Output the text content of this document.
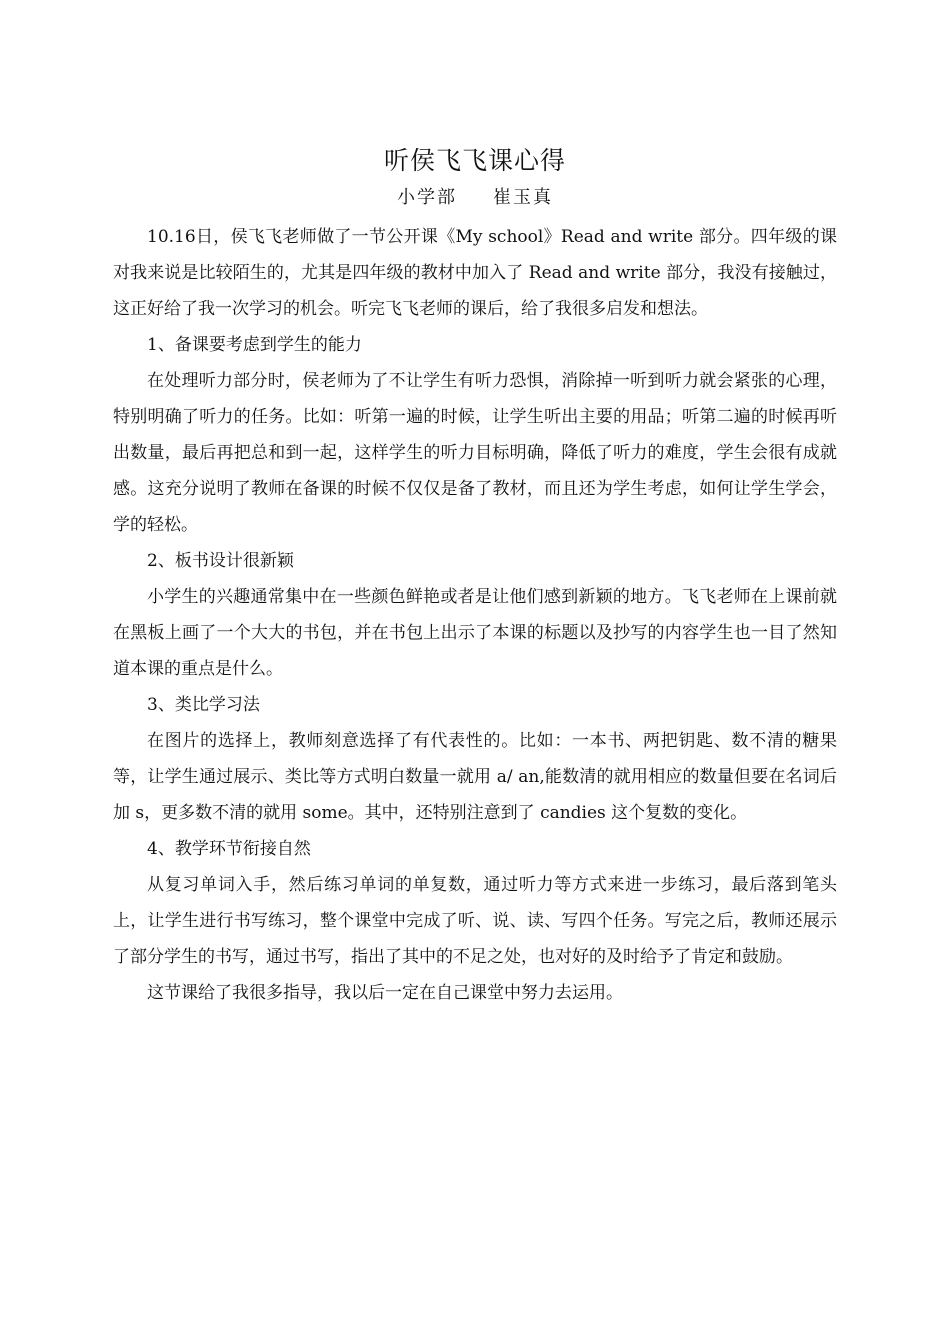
听侯飞飞课心得
小学部 崔玉真

10.16日，侯飞飞老师做了一节公开课《My school》Read and write 部分。四年级的课对我来说是比较陌生的，尤其是四年级的教材中加入了 Read and write 部分，我没有接触过，这正好给了我一次学习的机会。听完飞飞老师的课后，给了我很多启发和想法。

1、备课要考虑到学生的能力

在处理听力部分时，侯老师为了不让学生有听力恐惧，消除掉一听到听力就会紧张的心理，特别明确了听力的任务。比如：听第一遍的时候，让学生听出主要的用品；听第二遍的时候再听出数量，最后再把总和到一起，这样学生的听力目标明确，降低了听力的难度，学生会很有成就感。这充分说明了教师在备课的时候不仅仅是备了教材，而且还为学生考虑，如何让学生学会，学的轻松。

2、板书设计很新颖

小学生的兴趣通常集中在一些颜色鲜艳或者是让他们感到新颖的地方。飞飞老师在上课前就在黑板上画了一个大大的书包，并在书包上出示了本课的标题以及抄写的内容学生也一目了然知道本课的重点是什么。

3、类比学习法

在图片的选择上，教师刻意选择了有代表性的。比如：一本书、两把钥匙、数不清的糖果等，让学生通过展示、类比等方式明白数量一就用 a/ an,能数清的就用相应的数量但要在名词后加 s，更多数不清的就用 some。其中，还特别注意到了 candies 这个复数的变化。

4、教学环节衔接自然

从复习单词入手，然后练习单词的单复数，通过听力等方式来进一步练习，最后落到笔头上，让学生进行书写练习，整个课堂中完成了听、说、读、写四个任务。写完之后，教师还展示了部分学生的书写，通过书写，指出了其中的不足之处，也对好的及时给予了肯定和鼓励。

这节课给了我很多指导，我以后一定在自己课堂中努力去运用。
